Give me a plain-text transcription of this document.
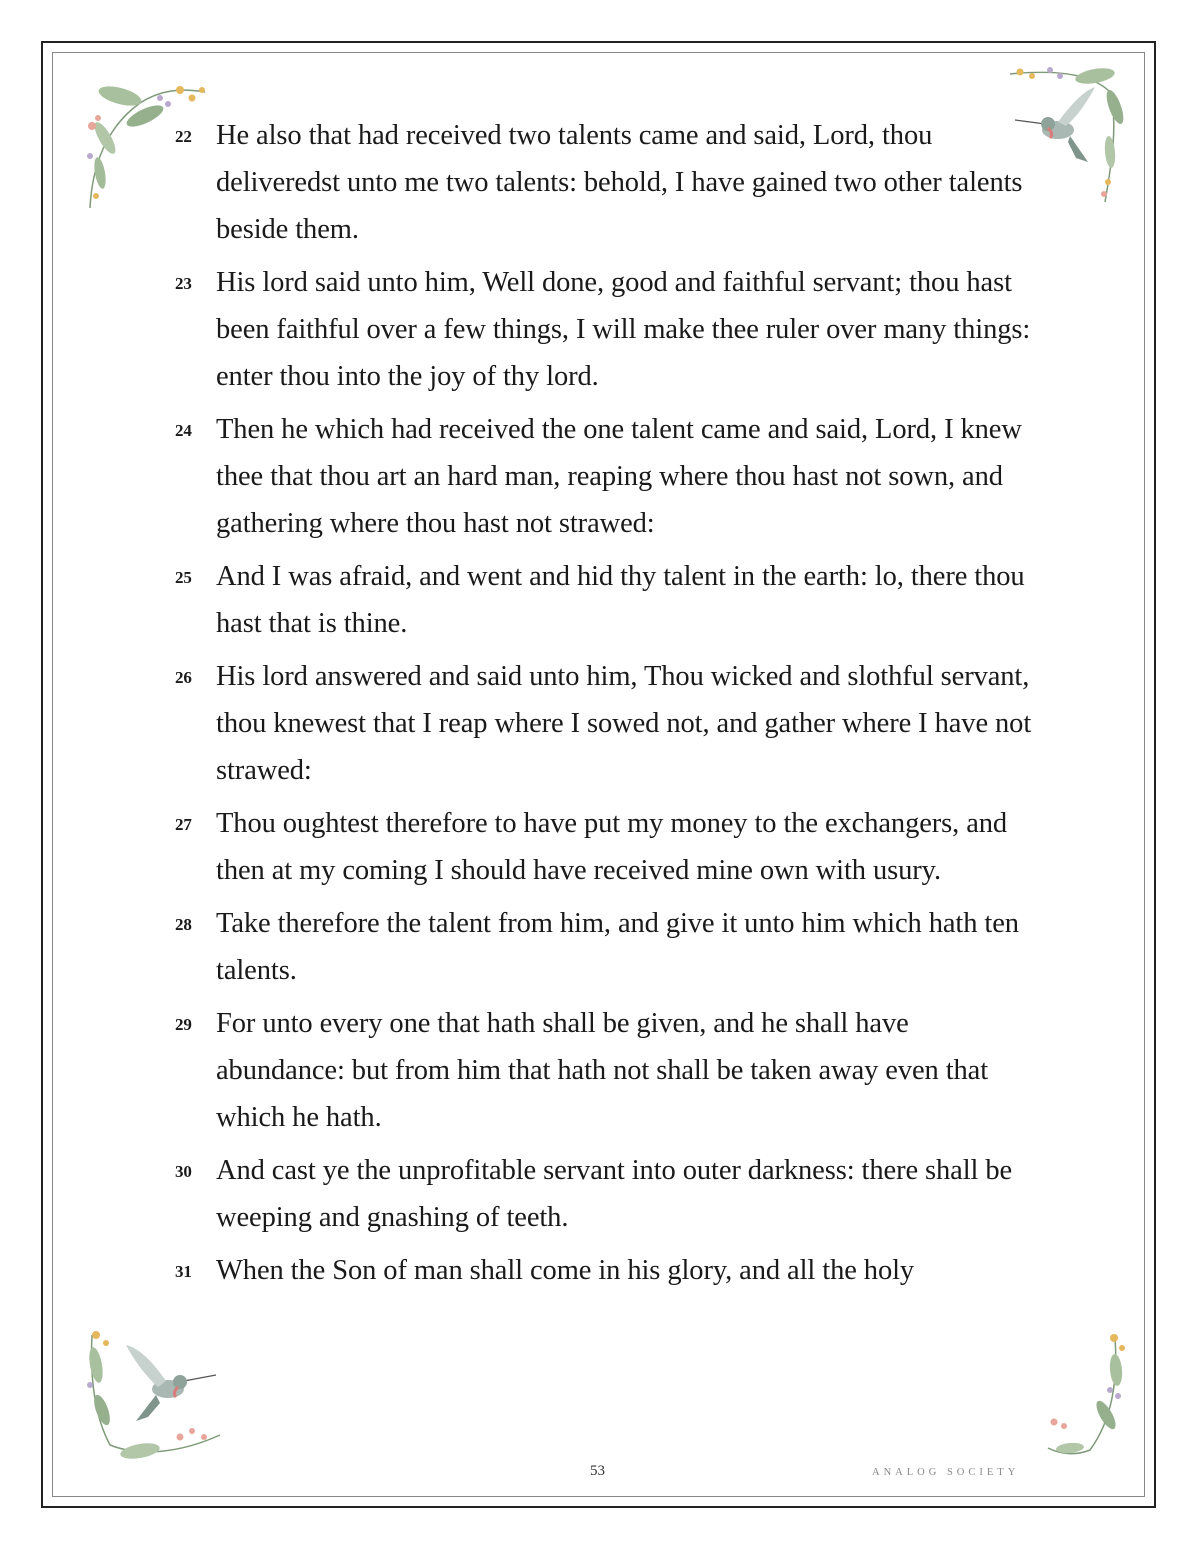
22 He also that had received two talents came and said, Lord, thou deliveredst unto me two talents: behold, I have gained two other talents beside them.
23 His lord said unto him, Well done, good and faithful servant; thou hast been faithful over a few things, I will make thee ruler over many things: enter thou into the joy of thy lord.
24 Then he which had received the one talent came and said, Lord, I knew thee that thou art an hard man, reaping where thou hast not sown, and gathering where thou hast not strawed:
25 And I was afraid, and went and hid thy talent in the earth: lo, there thou hast that is thine.
26 His lord answered and said unto him, Thou wicked and slothful servant, thou knewest that I reap where I sowed not, and gather where I have not strawed:
27 Thou oughtest therefore to have put my money to the exchangers, and then at my coming I should have received mine own with usury.
28 Take therefore the talent from him, and give it unto him which hath ten talents.
29 For unto every one that hath shall be given, and he shall have abundance: but from him that hath not shall be taken away even that which he hath.
30 And cast ye the unprofitable servant into outer darkness: there shall be weeping and gnashing of teeth.
31 When the Son of man shall come in his glory, and all the holy
53	ANALOG SOCIETY
